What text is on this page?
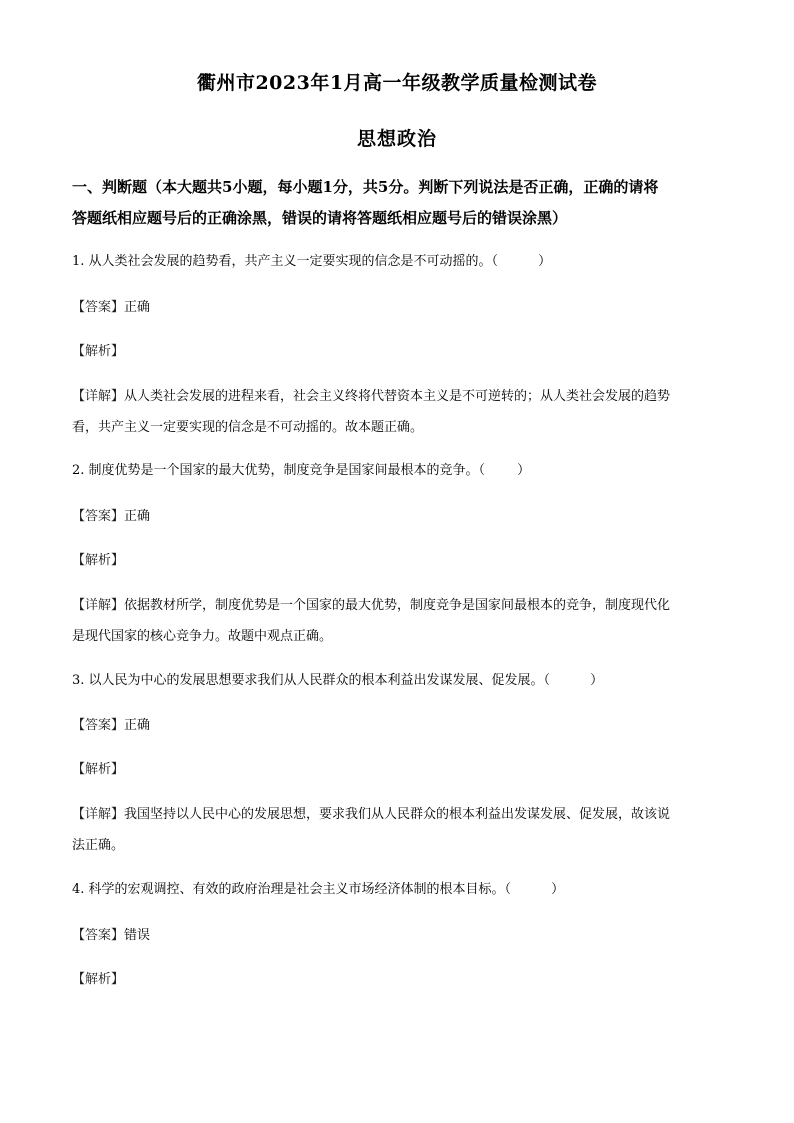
衢州市2023年1月高一年级教学质量检测试卷
思想政治
一、判断题（本大题共5小题，每小题1分，共5分。判断下列说法是否正确，正确的请将
答题纸相应题号后的正确涂黑，错误的请将答题纸相应题号后的错误涂黑）
1. 从人类社会发展的趋势看，共产主义一定要实现的信念是不可动摇的。（	）
【答案】正确
【解析】
【详解】从人类社会发展的进程来看，社会主义终将代替资本主义是不可逆转的；从人类社会发展的趋势
看，共产主义一定要实现的信念是不可动摇的。故本题正确。
2. 制度优势是一个国家的最大优势，制度竞争是国家间最根本的竞争。（ ）
【答案】正确
【解析】
【详解】依据教材所学，制度优势是一个国家的最大优势，制度竞争是国家间最根本的竞争，制度现代化
是现代国家的核心竞争力。故题中观点正确。
3. 以人民为中心的发展思想要求我们从人民群众的根本利益出发谋发展、促发展。（	）
【答案】正确
【解析】
【详解】我国坚持以人民中心的发展思想，要求我们从人民群众的根本利益出发谋发展、促发展，故该说
法正确。
4. 科学的宏观调控、有效的政府治理是社会主义市场经济体制的根本目标。（	）
【答案】错误
【解析】
